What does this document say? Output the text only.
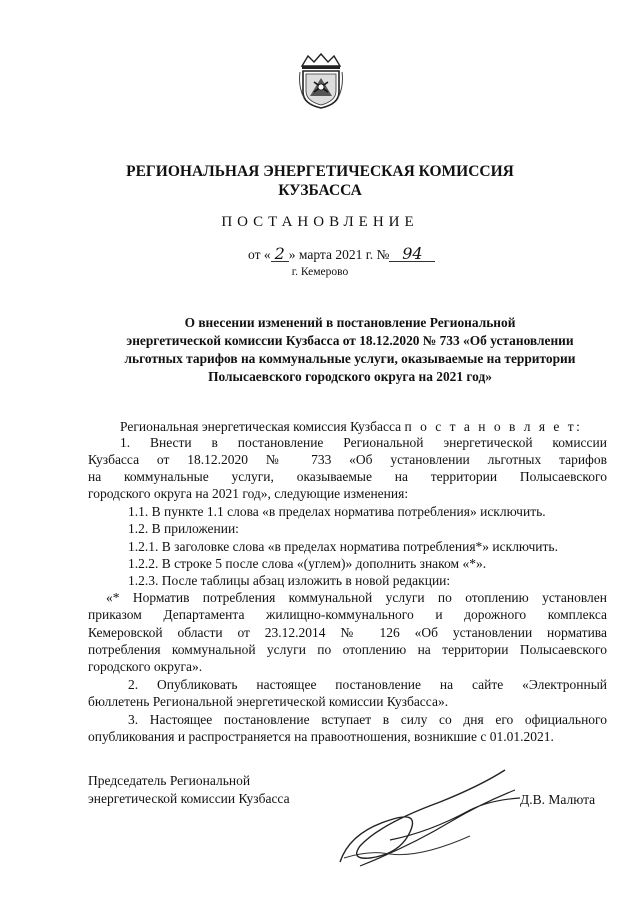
РЕГИОНАЛЬНАЯ ЭНЕРГЕТИЧЕСКАЯ КОМИССИЯ
КУЗБАССА
ПОСТАНОВЛЕНИЕ
от « 2 » марта 2021 г. № 94
г. Кемерово
О внесении изменений в постановление Региональной
энергетической комиссии Кузбасса от 18.12.2020 № 733 «Об установлении
льготных тарифов на коммунальные услуги, оказываемые на территории
Полысаевского городского округа на 2021 год»
Региональная энергетическая комиссия Кузбасса п о с т а н о в л я е т:
1. Внести в постановление Региональной энергетической комиссии
Кузбасса от 18.12.2020 № 733 «Об установлении льготных тарифов
на коммунальные услуги, оказываемые на территории Полысаевского
городского округа на 2021 год», следующие изменения:
1.1. В пункте 1.1 слова «в пределах норматива потребления» исключить.
1.2. В приложении:
1.2.1. В заголовке слова «в пределах норматива потребления*» исключить.
1.2.2. В строке 5 после слова «(углем)» дополнить знаком «*».
1.2.3. После таблицы абзац изложить в новой редакции:
«* Норматив потребления коммунальной услуги по отоплению установлен
приказом Департамента жилищно-коммунального и дорожного комплекса
Кемеровской области от 23.12.2014 № 126 «Об установлении норматива
потребления коммунальной услуги по отоплению на территории Полысаевского
городского округа».
2. Опубликовать настоящее постановление на сайте «Электронный
бюллетень Региональной энергетической комиссии Кузбасса».
3. Настоящее постановление вступает в силу со дня его официального
опубликования и распространяется на правоотношения, возникшие с 01.01.2021.
Председатель Региональной
энергетической комиссии Кузбасса	Д.В. Малюта
